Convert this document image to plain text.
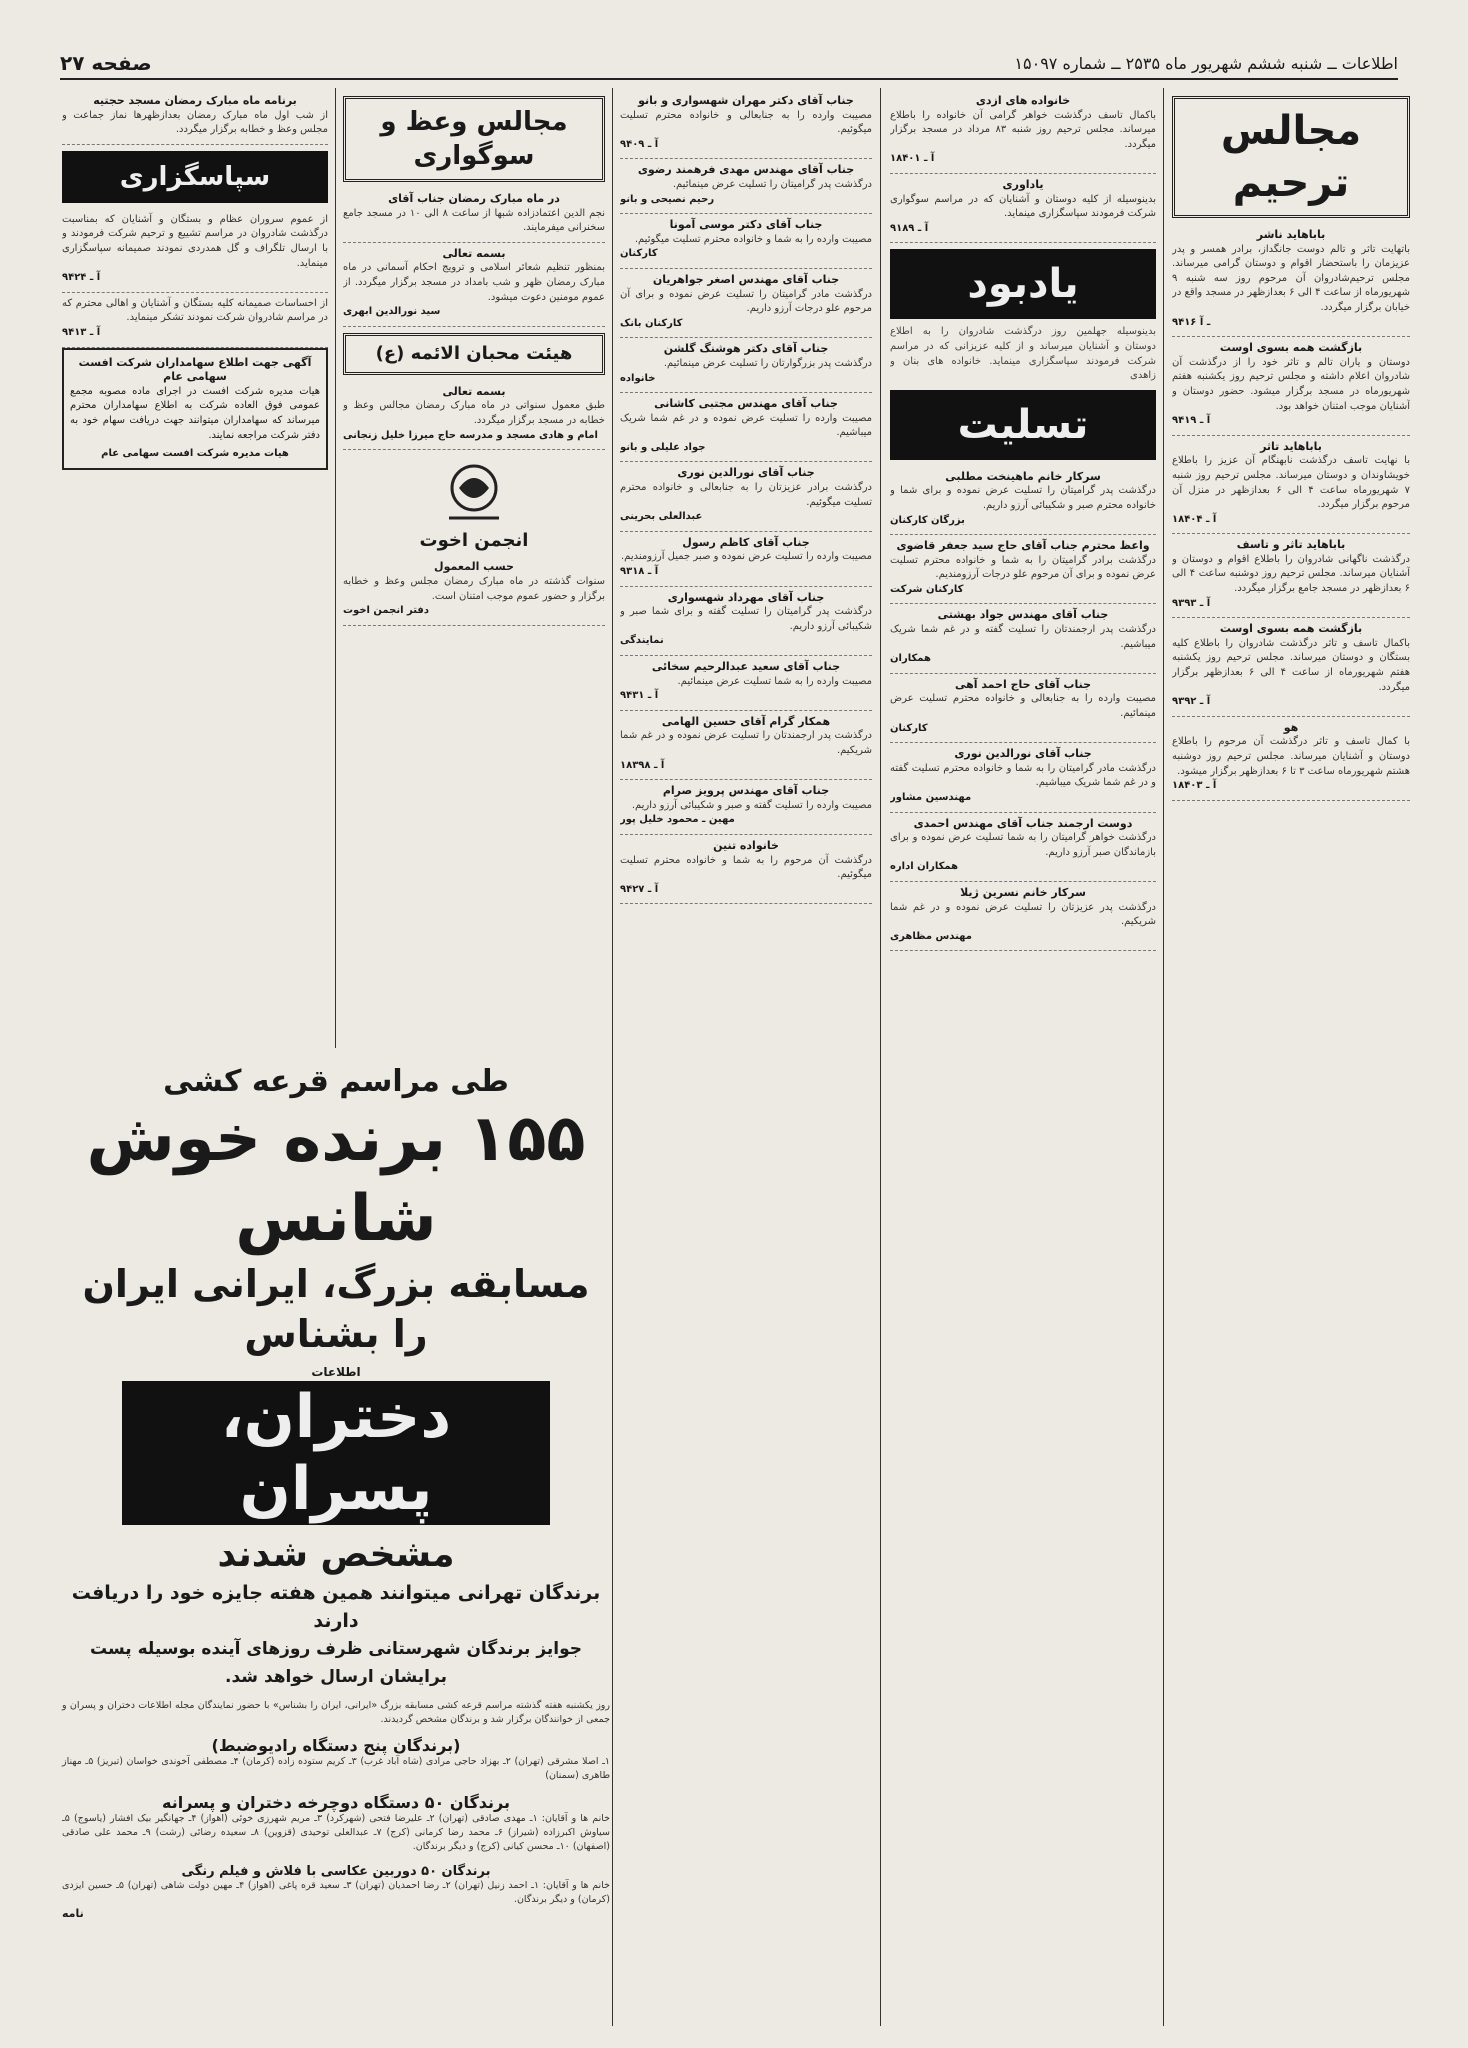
اطلاعات ــ شنبه ششم شهریور ماه ۲۵۳۵ ــ شماره ۱۵۰۹۷
صفحه ۲۷
مجالس ترحیم
باباهاید ناشر
باتهایت تاثر و تالم دوست جانگداز، برادر همسر و پدر عزیزمان را باستحضار اقوام و دوستان گرامی میرساند. مجلس ترحیم‌شادروان آن مرحوم روز سه شنبه ۹ شهریورماه از ساعت ۴ الی ۶ بعدازظهر در مسجد واقع در خیابان برگزار میگردد.
۹۴۱۶ ـ آ
بازگشت همه بسوی اوست
دوستان و یاران تالم و تاثر خود را از درگذشت آن شادروان اعلام داشته و مجلس ترحیم روز یکشنبه هفتم شهریورماه در مسجد برگزار میشود. حضور دوستان و آشنایان موجب امتنان خواهد بود.
آ ـ ۹۴۱۹
باباهاید تاثر
با نهایت تاسف درگذشت نابهنگام آن عزیز را باطلاع خویشاوندان و دوستان میرساند. مجلس ترحیم روز شنبه ۷ شهریورماه ساعت ۴ الی ۶ بعدازظهر در منزل آن مرحوم برگزار میگردد.
آ ـ ۱۸۴۰۴
باباهاید تاثر و تاسف
درگذشت ناگهانی شادروان را باطلاع اقوام و دوستان و آشنایان میرساند. مجلس ترحیم روز دوشنبه ساعت ۴ الی ۶ بعدازظهر در مسجد جامع برگزار میگردد.
آ ـ ۹۳۹۳
بازگشت همه بسوی اوست
باکمال تاسف و تاثر درگذشت شادروان را باطلاع کلیه بستگان و دوستان میرساند. مجلس ترحیم روز یکشنبه هفتم شهریورماه از ساعت ۴ الی ۶ بعدازظهر برگزار میگردد.
آ ـ ۹۳۹۲
هو
با کمال تاسف و تاثر درگذشت آن مرحوم را باطلاع دوستان و آشنایان میرساند. مجلس ترحیم روز دوشنبه هشتم شهریورماه ساعت ۳ تا ۶ بعدازظهر برگزار میشود.
آ ـ ۱۸۴۰۳
خانواده های ازدی
باکمال تاسف درگذشت خواهر گرامی آن خانواده را باطلاع میرساند. مجلس ترحیم روز شنبه ۸۳ مرداد در مسجد برگزار میگردد.
آ ـ ۱۸۴۰۱
یاداوری
بدینوسیله از کلیه دوستان و آشنایان که در مراسم سوگواری شرکت فرمودند سپاسگزاری مینماید.
آ ـ ۹۱۸۹
یادبود
بدینوسیله جهلمین روز درگذشت شادروان را به اطلاع دوستان و آشنایان میرساند و از کلیه عزیزانی که در مراسم شرکت فرمودند سپاسگزاری مینماید. خانواده های بنان و زاهدی
تسلیت
سرکار خانم ماهینخت مطلبی
درگذشت پدر گرامیتان را تسلیت عرض نموده و برای شما و خانواده محترم صبر و شکیبائی آرزو داریم.
بزرگان کارکنان
واعظ محترم جناب آقای حاج سید جعفر قاضوی
درگذشت برادر گرامیتان را به شما و خانواده محترم تسلیت عرض نموده و برای آن مرحوم علو درجات آرزومندیم.
کارکنان شرکت
جناب آقای مهندس جواد بهشتی
درگذشت پدر ارجمندتان را تسلیت گفته و در غم شما شریک میباشیم.
همکاران
جناب آقای حاج احمد آهی
مصیبت وارده را به جنابعالی و خانواده محترم تسلیت عرض مینمائیم.
کارکنان
جناب آقای نورالدین نوری
درگذشت مادر گرامیتان را به شما و خانواده محترم تسلیت گفته و در غم شما شریک میباشیم.
مهندسین مشاور
دوست ارجمند جناب آقای مهندس احمدی
درگذشت خواهر گرامیتان را به شما تسلیت عرض نموده و برای بازماندگان صبر آرزو داریم.
همکاران اداره
سرکار خانم نسرین ژیلا
درگذشت پدر عزیزتان را تسلیت عرض نموده و در غم شما شریکیم.
مهندس مظاهری
جناب آقای دکتر مهران شهسواری و بانو
مصیبت وارده را به جنابعالی و خانواده محترم تسلیت میگوئیم.
آ ـ ۹۴۰۹
جناب آقای مهندس مهدی فرهمند رضوی
درگذشت پدر گرامیتان را تسلیت عرض مینمائیم.
رحیم نصیحی و بانو
جناب آقای دکتر موسی آمونا
مصیبت وارده را به شما و خانواده محترم تسلیت میگوئیم.
کارکنان
جناب آقای مهندس اصغر جواهریان
درگذشت مادر گرامیتان را تسلیت عرض نموده و برای آن مرحوم علو درجات آرزو داریم.
کارکنان بانک
جناب آقای دکتر هوشنگ گلشن
درگذشت پدر بزرگوارتان را تسلیت عرض مینمائیم.
خانواده
جناب آقای مهندس مجتبی کاشانی
مصیبت وارده را تسلیت عرض نموده و در غم شما شریک میباشیم.
جواد علیلی و بانو
جناب آقای نورالدین نوری
درگذشت برادر عزیزتان را به جنابعالی و خانواده محترم تسلیت میگوئیم.
عبدالعلی بحرینی
جناب آقای کاظم رسول
مصیبت وارده را تسلیت عرض نموده و صبر جمیل آرزومندیم.
آ ـ ۹۳۱۸
جناب آقای مهرداد شهسواری
درگذشت پدر گرامیتان را تسلیت گفته و برای شما صبر و شکیبائی آرزو داریم.
نمایندگی
جناب آقای سعید عبدالرحیم سخائی
مصیبت وارده را به شما تسلیت عرض مینمائیم.
آ ـ ۹۴۳۱
همکار گرام آقای حسین الهامی
درگذشت پدر ارجمندتان را تسلیت عرض نموده و در غم شما شریکیم.
آ ـ ۱۸۳۹۸
جناب آقای مهندس پرویز صرام
مصیبت وارده را تسلیت گفته و صبر و شکیبائی آرزو داریم.
مهین ـ محمود خلیل پور
خانواده تنین
درگذشت آن مرحوم را به شما و خانواده محترم تسلیت میگوئیم.
آ ـ ۹۴۲۷
مجالس وعظ و سوگواری
در ماه مبارک رمضان جناب آقای
نجم الدین اعتمادزاده شبها از ساعت ۸ الی ۱۰ در مسجد جامع سخنرانی میفرمایند.
بسمه تعالی
بمنظور تنظیم شعائر اسلامی و ترویج احکام آسمانی در ماه مبارک رمضان ظهر و شب بامداد در مسجد برگزار میگردد. از عموم مومنین دعوت میشود.
سید نورالدین ابهری
هیئت محبان الائمه (ع)
بسمه تعالی
طبق معمول سنواتی در ماه مبارک رمضان مجالس وعظ و خطابه در مسجد برگزار میگردد.
امام و هادی مسجد و مدرسه حاج میرزا خلیل زنجانی
انجمن اخوت
حسب المعمول
سنوات گذشته در ماه مبارک رمضان مجلس وعظ و خطابه برگزار و حضور عموم موجب امتنان است.
دفتر انجمن اخوت
برنامه ماه مبارک رمضان مسجد حجتیه
از شب اول ماه مبارک رمضان بعدازظهرها نماز جماعت و مجلس وعظ و خطابه برگزار میگردد.
سپاسگزاری
از عموم سروران عظام و بستگان و آشنایان که بمناسبت درگذشت شادروان در مراسم تشییع و ترحیم شرکت فرمودند و با ارسال تلگراف و گل همدردی نمودند صمیمانه سپاسگزاری مینماید.
آ ـ ۹۴۲۴
از احساسات صمیمانه کلیه بستگان و آشنایان و اهالی محترم که در مراسم شادروان شرکت نمودند تشکر مینماید.
آ ـ ۹۴۱۳
آگهی جهت اطلاع سهامداران شرکت افست سهامی عام
هیات مدیره شرکت افست در اجرای ماده مصوبه مجمع عمومی فوق العاده شرکت به اطلاع سهامداران محترم میرساند که سهامداران میتوانند جهت دریافت سهام خود به دفتر شرکت مراجعه نمایند.
هیات مدیره شرکت افست سهامی عام
طی مراسم قرعه کشی
۱۵۵ برنده خوش شانس
مسابقه بزرگ، ایرانی ایران را بشناس
اطلاعات
دختران، پسران
مشخص شدند
برندگان تهرانی میتوانند همین هفته جایزه خود را دریافت دارند
جوایز برندگان شهرستانی ظرف روزهای آینده بوسیله پست برایشان ارسال خواهد شد.
روز یکشنبه هفته گذشته مراسم قرعه کشی مسابقه بزرگ «ایرانی، ایران را بشناس» با حضور نمایندگان مجله اطلاعات دختران و پسران و جمعی از خوانندگان برگزار شد و برندگان مشخص گردیدند.
(برندگان پنج دستگاه رادیوضبط)
۱ـ اصلا مشرقی (تهران) ۲ـ بهزاد حاجی مرادی (شاه آباد غرب) ۳ـ کریم ستوده زاده (کرمان) ۴ـ مصطفی آخوندی خواسان (تبریز) ۵ـ مهناز طاهری (سمنان)
برندگان ۵۰ دستگاه دوچرخه دختران و پسرانه
خانم ها و آقایان: ۱ـ مهدی صادقی (تهران) ۲ـ علیرضا فتحی (شهرکرد) ۳ـ مریم شهرزی خوئی (اهواز) ۴ـ جهانگیر بیک افشار (یاسوج) ۵ـ سیاوش اکبرزاده (شیراز) ۶ـ محمد رضا کرمانی (کرج) ۷ـ عبدالعلی توحیدی (قزوین) ۸ـ سعیده رضائی (رشت) ۹ـ محمد علی صادقی (اصفهان) ۱۰ـ محسن کیانی (کرج) و دیگر برندگان.
برندگان ۵۰ دوربین عکاسی با فلاش و فیلم رنگی
خانم ها و آقایان: ۱ـ احمد زنیل (تهران) ۲ـ رضا احمدیان (تهران) ۳ـ سعید قره پاغی (اهواز) ۴ـ مهین دولت شاهی (تهران) ۵ـ حسین ایزدی (کرمان) و دیگر برندگان.
نامه
